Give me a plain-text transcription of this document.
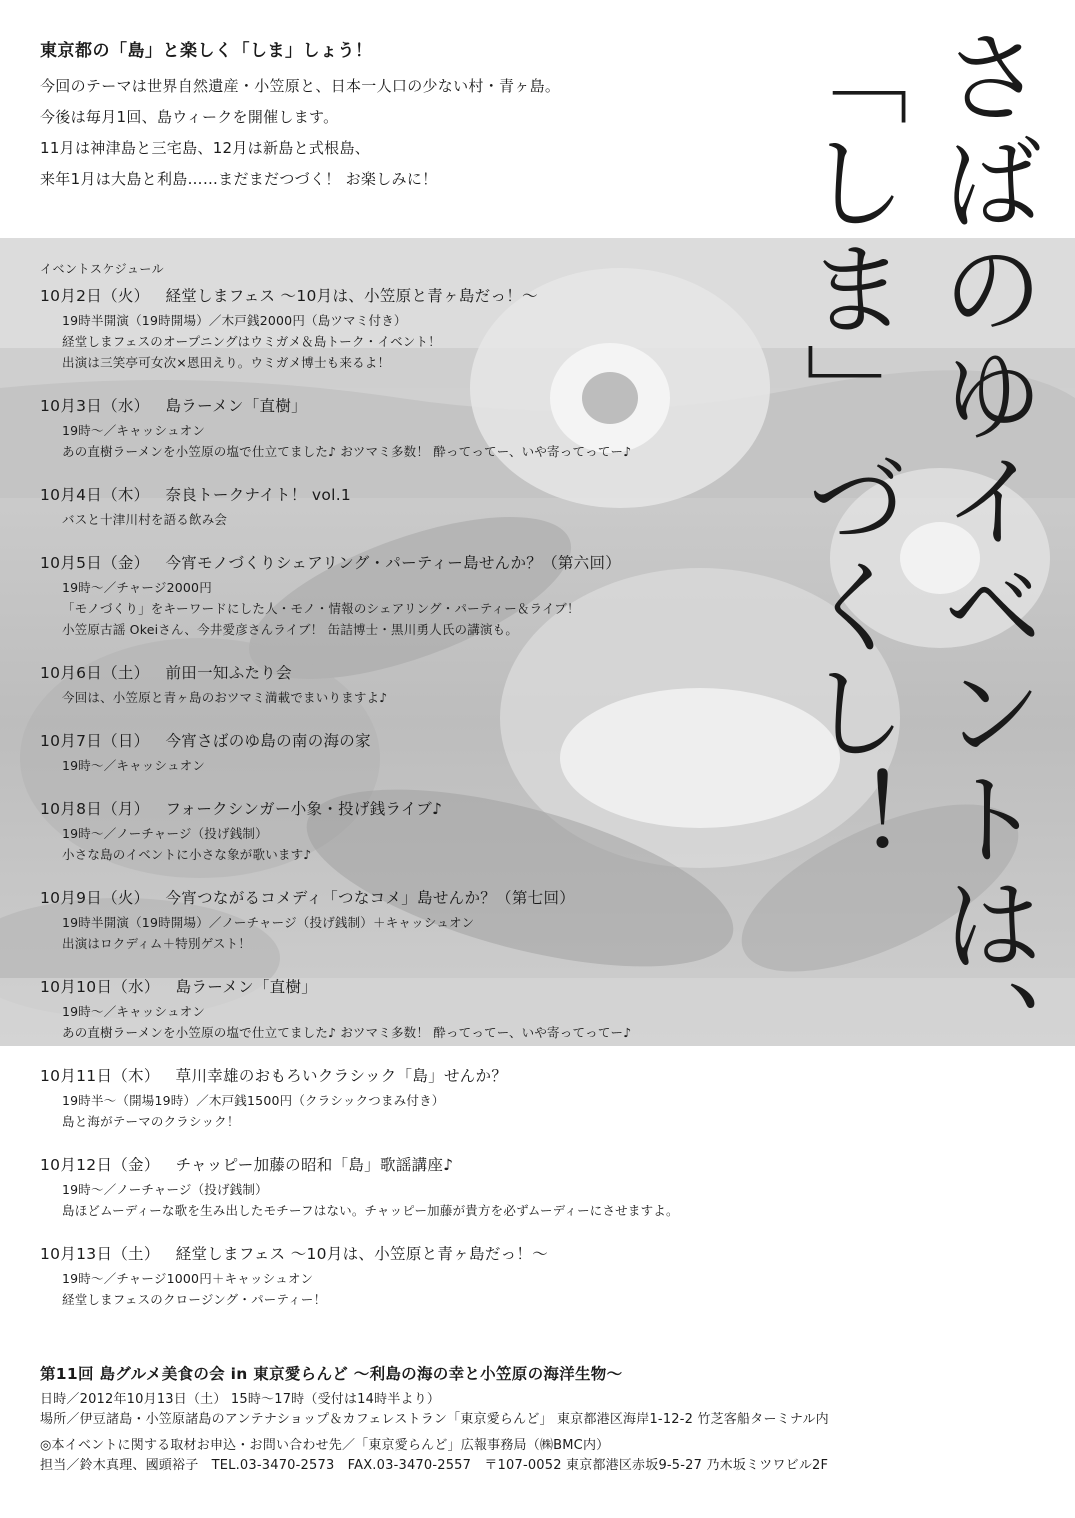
東京都の「島」と楽しく「しま」しょう！

今回のテーマは世界自然遺産・小笠原と、日本一人口の少ない村・青ヶ島。

今後は毎月1回、島ウィークを開催します。

11月は神津島と三宅島、12月は新島と式根島、

来年1月は大島と利島……まだまだつづく！ お楽しみに！	さばのゆイベントは、
「しま」づくし！

イベントスケジュール

10月2日（火） 経堂しまフェス ～10月は、小笠原と青ヶ島だっ！～

19時半開演（19時開場）／木戸銭2000円（島ツマミ付き）

経堂しまフェスのオープニングはウミガメ＆島トーク・イベント！

出演は三笑亭可女次×恩田えり。ウミガメ博士も来るよ！

10月3日（水） 島ラーメン「直樹」

19時～／キャッシュオン

あの直樹ラーメンを小笠原の塩で仕立てました♪ おツマミ多数！ 酔ってってー、いや寄ってってー♪

10月4日（木） 奈良トークナイト！ vol.1

バスと十津川村を語る飲み会

10月5日（金） 今宵モノづくりシェアリング・パーティー島せんか？（第六回）

19時～／チャージ2000円

「モノづくり」をキーワードにした人・モノ・情報のシェアリング・パーティー＆ライブ！

小笠原古謡 Okeiさん、今井愛彦さんライブ！ 缶詰博士・黒川勇人氏の講演も。

10月6日（土） 前田一知ふたり会

今回は、小笠原と青ヶ島のおツマミ満載でまいりますよ♪

10月7日（日） 今宵さばのゆ島の南の海の家

19時～／キャッシュオン

10月8日（月） フォークシンガー小象・投げ銭ライブ♪

19時～／ノーチャージ（投げ銭制）

小さな島のイベントに小さな象が歌います♪

10月9日（火） 今宵つながるコメディ「つなコメ」島せんか？（第七回）

19時半開演（19時開場）／ノーチャージ（投げ銭制）＋キャッシュオン

出演はロクディム＋特別ゲスト！

10月10日（水） 島ラーメン「直樹」

19時～／キャッシュオン

あの直樹ラーメンを小笠原の塩で仕立てました♪ おツマミ多数！ 酔ってってー、いや寄ってってー♪

10月11日（木） 草川幸雄のおもろいクラシック「島」せんか？

19時半～（開場19時）／木戸銭1500円（クラシックつまみ付き）

島と海がテーマのクラシック！

10月12日（金） チャッピー加藤の昭和「島」歌謡講座♪

19時～／ノーチャージ（投げ銭制）

島ほどムーディーな歌を生み出したモチーフはない。チャッピー加藤が貴方を必ずムーディーにさせますよ。

10月13日（土） 経堂しまフェス ～10月は、小笠原と青ヶ島だっ！～

19時～／チャージ1000円＋キャッシュオン

経堂しまフェスのクロージング・パーティー！

第11回 島グルメ美食の会 in 東京愛らんど ～利島の海の幸と小笠原の海洋生物～

日時／2012年10月13日（土） 15時～17時（受付は14時半より）

場所／伊豆諸島・小笠原諸島のアンテナショップ＆カフェレストラン「東京愛らんど」 東京都港区海岸1-12-2 竹芝客船ターミナル内

◎本イベントに関する取材お申込・お問い合わせ先／「東京愛らんど」広報事務局（㈱BMC内）

担当／鈴木真理、國頭裕子　TEL.03-3470-2573　FAX.03-3470-2557　〒107-0052 東京都港区赤坂9-5-27 乃木坂ミツワビル2F
